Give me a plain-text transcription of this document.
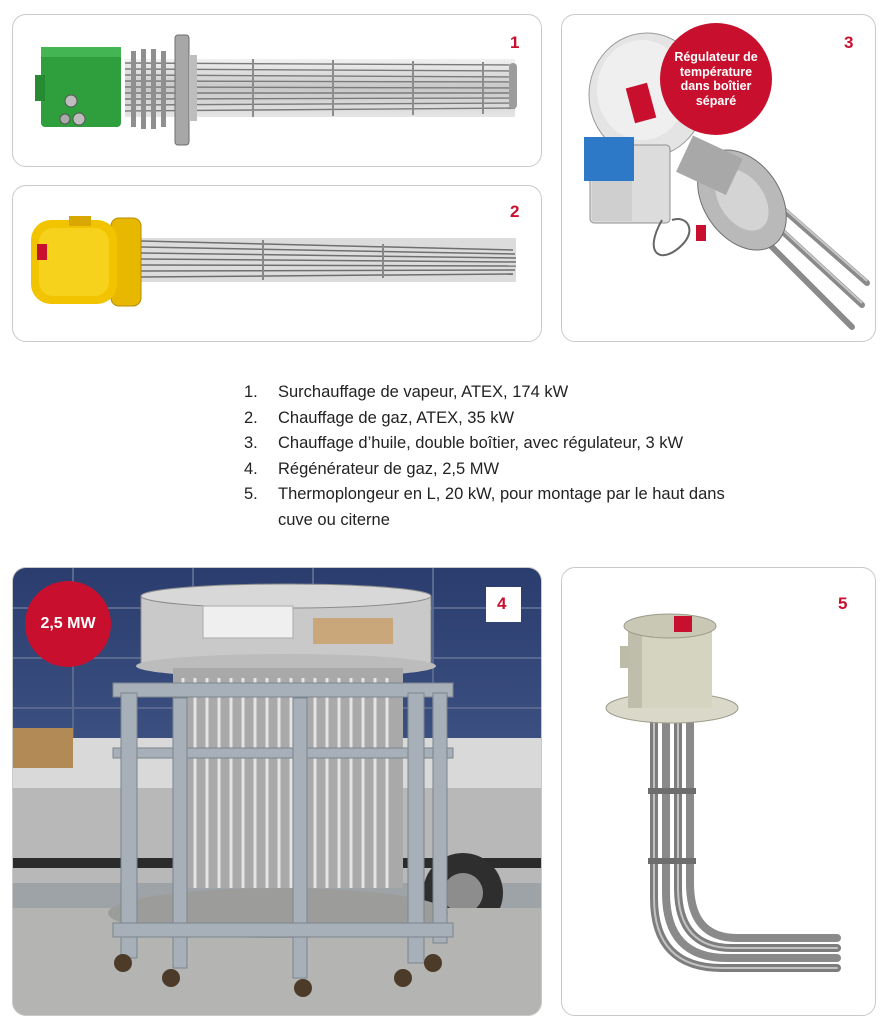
1
2
Régulateur de température dans boîtier séparé
3
1.	Surchauffage de vapeur, ATEX, 174 kW
2.	Chauffage de gaz, ATEX, 35 kW
3.	Chauffage d’huile, double boîtier, avec régulateur, 3 kW
4.	Régénérateur de gaz, 2,5 MW
5.	Thermoplongeur en L, 20 kW, pour montage par le haut dans cuve ou citerne
2,5 MW
4	5
